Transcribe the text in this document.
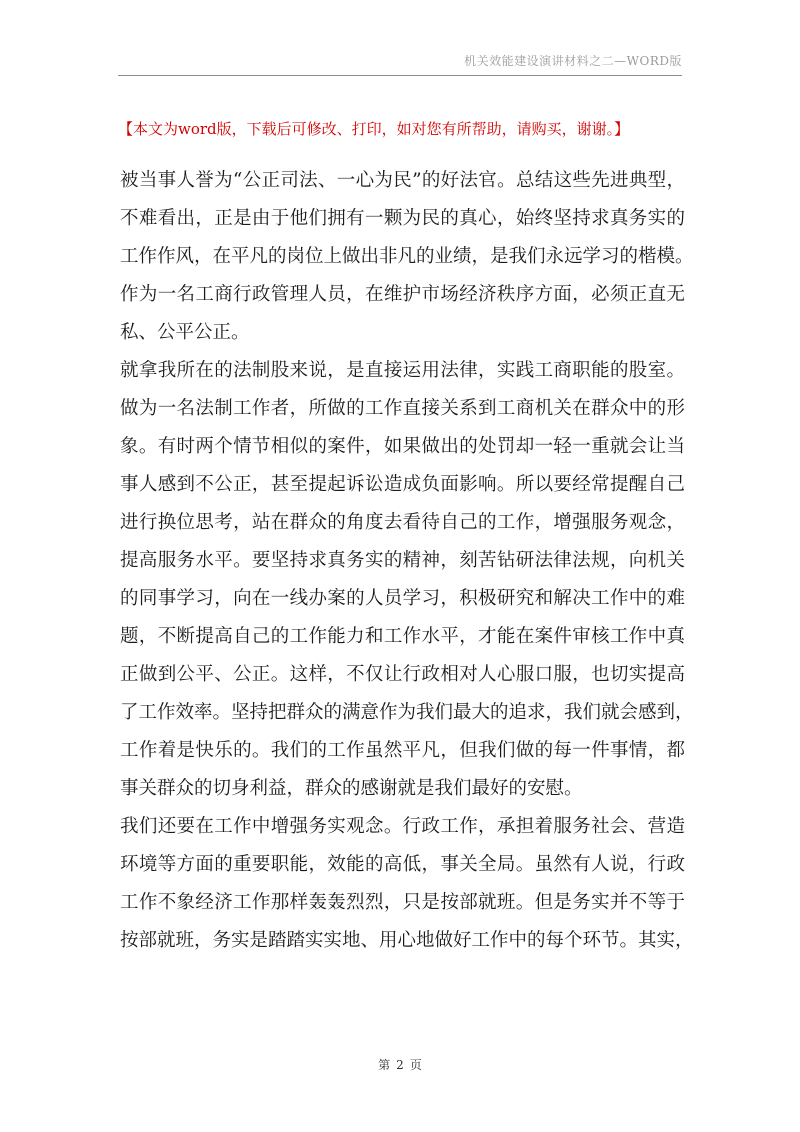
机关效能建设演讲材料之二—WORD版
【本文为word版，下载后可修改、打印，如对您有所帮助，请购买，谢谢。】
被当事人誉为“公正司法、一心为民”的好法官。总结这些先进典型，
不难看出，正是由于他们拥有一颗为民的真心，始终坚持求真务实的
工作作风，在平凡的岗位上做出非凡的业绩，是我们永远学习的楷模。
作为一名工商行政管理人员，在维护市场经济秩序方面，必须正直无
私、公平公正。
就拿我所在的法制股来说，是直接运用法律，实践工商职能的股室。
做为一名法制工作者，所做的工作直接关系到工商机关在群众中的形
象。有时两个情节相似的案件，如果做出的处罚却一轻一重就会让当
事人感到不公正，甚至提起诉讼造成负面影响。所以要经常提醒自己
进行换位思考，站在群众的角度去看待自己的工作，增强服务观念，
提高服务水平。要坚持求真务实的精神，刻苦钻研法律法规，向机关
的同事学习，向在一线办案的人员学习，积极研究和解决工作中的难
题，不断提高自己的工作能力和工作水平，才能在案件审核工作中真
正做到公平、公正。这样，不仅让行政相对人心服口服，也切实提高
了工作效率。坚持把群众的满意作为我们最大的追求，我们就会感到，
工作着是快乐的。我们的工作虽然平凡，但我们做的每一件事情，都
事关群众的切身利益，群众的感谢就是我们最好的安慰。
我们还要在工作中增强务实观念。行政工作，承担着服务社会、营造
环境等方面的重要职能，效能的高低，事关全局。虽然有人说，行政
工作不象经济工作那样轰轰烈烈，只是按部就班。但是务实并不等于
按部就班，务实是踏踏实实地、用心地做好工作中的每个环节。其实，
第 2 页
